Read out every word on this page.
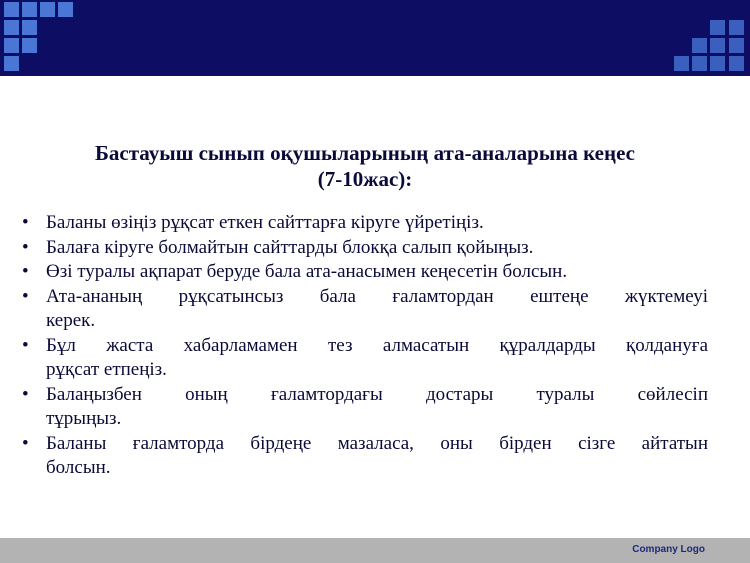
Бастауыш сынып оқушыларының ата-аналарына кеңес
(7-10жас):
• Баланы өзіңіз рұқсат еткен сайттарға кіруге үйретіңіз.
• Балаға кіруге болмайтын сайттарды блокқа салып қойыңыз.
• Өзі туралы ақпарат беруде бала ата-анасымен кеңесетін болсын.
• Ата-ананың рұқсатынсыз бала ғаламтордан ештеңе жүктемеуі
керек.
• Бұл жаста хабарламамен тез алмасатын құралдарды қолдануға
рұқсат етпеңіз.
• Балаңызбен оның ғаламтордағы достары туралы сөйлесіп
тұрыңыз.
• Баланы ғаламторда бірдеңе мазаласа, оны бірден сізге айтатын
болсын.
Company Logo
